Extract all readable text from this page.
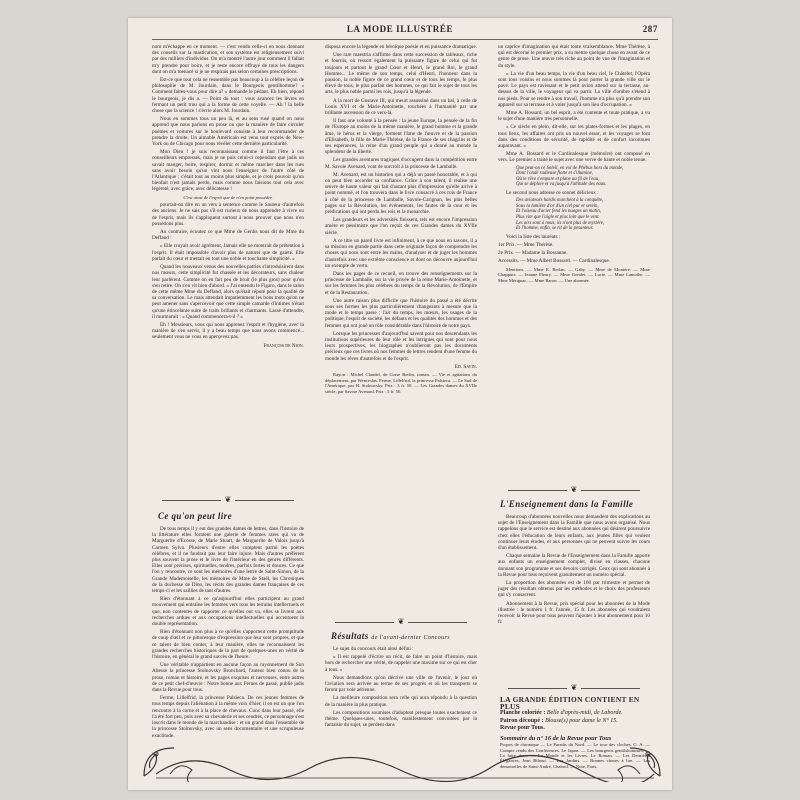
LA MODE ILLUSTRÉE	287

nom m'échappe en ce moment. — c'est vendu celle-ci en nous donnant des conseils sur la mastication, et son système est religieusement suivi par des milliers d'individus. On m'a montré l'autre jour comment il fallait m'y prendre pour boire, et je reste encore effrayé de tous les dangers dont on m'a menacé si je ne respirais pas selon certaines prescriptions.

Est-ce que tout cela ne ressemble pas beaucoup à la célèbre leçon de philosophie de M. Jourdain, dans le Bourgeois gentilhomme? « Comment faites-vous pour dire a? » demande le pédant. Eh bien, répond le bourgeois, je dis a. — Point du tout : vous avancez les lèvres en fermant un petit trou qui a la forme de cette voyelle. — Ah ! la belle chose que la science ! s'écrie alors M. Jourdain.

Nous en sommes tous un peu là, et au sens rusé quand on nous apprend que nous parlons en prose ou que la manière de faire circuler poèmes et voitures sur le boulevard consiste à leur recommander de prendre la droite. Un aimable Américain est venu tout exprès de New-York ou de Chicago pour nous révéler cette dernière particularité.

Mon Dieu ! je suis reconnaissant comme il faut l'être à ces conseilleurs empressés, mais je ne puis celui-ci cependant que jadis on savait manger, boire, respirer, dormir et même marcher dans les rues sans avoir besoin qu'un vint nous l'enseigner de l'autre côté de l'Atlantique ; c'était tout au moins plus simple, et je crois pouvoir qu'un bienfait n'est jamais perdu, mais comme nous faisions tout cela avec légèreté, avec grâce, avec délicatesse !

C'est ainsi de l'esprit que de n'en point posséder.

pourrait-on dire en un vers à sentence comme le Sauteur d'autrefois des anciens. Je ne sais pas s'il est curieux de nous apprendre à vivre ou de l'esprit, mais ils s'appliquent surtout à nous prouver que nous n'en possédons plus.

Au contraire, écoutez ce que Mme de Genlis nous dit de Mme du Deffand :

« Elle croyait avoir agrément, Jamais elle ne montrait de prétention à l'esprit. Il était impossible d'avoir plus de naturel que de gaieté. Elle parlait du cœur et mettait en tout une noble et touchante simplicité. »

Quand les nouveaux venus des nouvelles patries s'introduisirent dans nos mœurs, cette simplicité fut chassée et les décorateurs, sans chaleur leur parlèrent. Comme on en fait peu de bruit (le plus gros) pour qu'on s'en retire. On s'en vit bien d'abord. « J'ai entendu le Figaro, dans le salon de cette même Mme du Deffand, alors qu'était réputé pour la qualité de sa conversation. Le mais attendait impatiemment les bons mots qu'on ne peut amener sans s'apercevoir que cette simple camarde d'intimes n'était qu'une étincelante suite de traits brillants et charmants. Lassé d'attendre, il murmurait : « Quand commencera-t-il ? »

Eh ! Messieurs, vous qui nous apprenez l'esprit et l'hygiène, avec la manière de s'en servir, il y a beau temps que nous avons commencé... seulement vous ne vous en aperçevez pas.

François de Nion.

❦
Ce qu'on peut lire

De tous temps il y eut des grandes dames de lettres, dans l'histoire de la littérature elles forment une galerie de femmes rares qui va de Marguerite d'Ecosse, de Marie Stuart, de Marguerite de Valois jusqu'à Carmen Sylva. Plusieurs d'entre elles comptent parmi les poètes célèbres, et il ne faudrait pas leur faire injure. Mais d'autres préfèrent plus souvent la prose et le livre de l'intérieur en des genres différents. Elles sont précises, spirituelles, tendres, parfois fortes et douces. Ce que l'on y rencontre, ce sont les mémoires d'une lettre de Saint-Simon, de la Grande Mademoiselle, les mémoires de Mme de Staël, les Chroniques de la duchesse de Dino, les récits des grandes dames françaises de ces temps-ci et les saillies de tant d'autres.

Rien d'étonnant à ce qu'aujourd'hui elles participent au grand mouvement qui entraîne les femmes vers tous les terrains intellectuels et que, non contentes de rapporter ce qu'elles ont vu, elles se livrent aux recherches ardues et aux occupations intellectuelles qui accentuent la double représentation.

Rien d'étonnant non plus à ce qu'elles s'apportent cette promptitude de coup d'œil et ce pittoresque d'expression que leur sont propres, et que ce talent de bien conter, à leur manière, elles ne reconnaissent les grandes recherches historiques de la part de quelques-unes en vérité de l'histoire, en général le grand succès de l'heure.

Une véritable n'appartient en aucune façon au rayonnement de Son Altesse la princesse Stolnovsky Bronchard, l'auteur bien connu de la prose, roman et histoire, et les pages exquises et nerveuses, entre autres de ce petit chef-d'œuvre : Notre bonne aux Fernes de passé, publié jadis dans la Revue pour tous.

Ferme, Lillelfrid, la princesse Palsieca. De ces jeunes femmes de tous temps depuis l'aliénation à la même voix d'hier, il en est un que l'on rencontre à la corne et à la place de chevaux. Conc dans leur passé, elle l'a été fort peu, puis avec sa chevalerie et ses cendres, ce personnage s'est inscrit dans le monde de la marchandise : et un grand dans l'ensemble de la princesse Stolnovsky, avec un sens documentaire et une scrupuleuse exactitude.

disposa encore la légende en héroïque poésie et en puissance dramatique.

Une rare maestria s'affirme dans cette succession de tableaux, riche et fournis, où ressort également la puissante figure de celui qui fut toujours et partout le grand Cœur et Henri, le grand Roi, le grand Homme... Le même de son temps, celui d'Henri, l'honneur dans la passion, la noble figure de ce grand cœur et de tous les temps, le plus élevé de tous, le plus parfait des hommes, ce qui fait le sujet de tous les arts, le plus noble parmi les rois, jusqu'à la légende.

A la mort de Gustave III, qui meurt assassiné dans un bal, à celle de Louis XVI et de Marie-Antoinette, touchées à l'humanité par une brillante ascension de ce vers-là.

Il faut une volonté à la pensée : la jeune Europe, la pensée de la fin de l'Europe au moins de la même manière, le grand homme et la grande âme, le héros et la vierge, forment l'âme de l'œuvre et de la passion d'Elisabeth, la fille de Marie-Thérèse, de la France de ses chagrins et de ses espérances, la reine d'un grand peuple qui a donné au monde la splendeur de la liberté.

Les grandes aventures tragiques d'occupent dans la compétition entre M. Savoie Avenard, vont de surcroît à la princesse de Lamballe.

M. Avenard, est un historien qui a déjà un passé honorable, et à qui on peut bien accorder sa confiance. Grâce à son talent, il réalise une œuvre de haute valeur qui fait d'autant plus d'impression qu'elle arrive à point nommé, et l'on trouvera dans le livre consacré à ces rois de France à côté de la princesse de Lamballe, Savoie-Carignan, les plus belles pages sur la Révolution, les événements, les fautes de la cour et les prédications qui ont perdu les rois et la monarchie.

Les grandeurs et les adversités finissent, tels est encore l'impression amère et pessimiste que l'on reçoit de ces Grandes dames du XVIIe siècle.

A ce titre un pareil livre est infiniment, à ce que nous en savons, il a sa mission en grande partie dans cette originale façon de comprendre les choses qui nous sont entre les mains, d'analyser et de juger les hommes d'autrefois avec une extrême conscience et dont on découvre aujourd'hui un exemple de vertu.

Dans les pages de ce recueil, on trouve des renseignements sur la princesse de Lamballe, sur la vie privée de la reine Marie-Antoinette, et sur les femmes les plus célèbres du temps de la Révolution, de l'Empire et de la Restauration.

Une autre raison plus difficile que l'histoire du passé a été décrite sous ses formes les plus particulièrement changeants à mesure que la mode et le temps passe ; l'air du temps, les mœurs, les usages de la politique, l'esprit de société, les défauts et les qualités des hommes et des femmes qui ont joué un rôle considérable dans l'histoire de notre pays.

Lorsque les princesses d'aujourd'hui savent pour nos descendants les institutions supérieures de leur rôle et les intrigues qui sont pour nous leurs prospectives, les biographes n'oublieront pas les documents précieux que ces livres où nos femmes de lettres rendent d'une femme du monde les rêves d'autrefois et de l'esprit.

Ed. Savin.

Rayon : Michel Claudel, de Corse Berlin, roman. — Vie et agitations du déplacement, par Wenceslas. Ferme, Lillelfrid, la princesse Palsieca. — Le Sud de l'Amérique, par H. Stolnovsky. Prix : 3 fr. 50. — Les Grandes dames du XVIIe siècle, par Savoie Avenard. Prix : 3 fr. 50.

❦
Résultats de l'avant-dernier Concours

Le sujet du concours était ainsi défini :

« Il est rappelé d'écrire un récit, de faire un point d'histoire, mais hors de rechercher une vérité, de rappeler une maxime sur ce qui est cher à tous. »

Nous demandions qu'on décrive une ville de l'avenir, le jour où l'aviation sera arrivée au terme de ses progrès et où les transports se feront par voie aérienne.

La meilleure composition sera celle qui aura répondu à la question de la manière la plus pratique.

Les compositions soumises d'adoptent presque toutes exactement ce thème. Quelques-unes, toutefois, manifestement convoitées par la fantaisie du sujet, se perdent dans

un caprice d'imagination qui était toute vraisemblance. Mme Thérèse, à qui est décerné le premier prix, a su mettre quelque chose en avant de ce genre de prose. Une œuvre très riche au point de vue de l'imagination et du style.

« La vie d'un beau temps, la vie d'un beau ciel, le Châtelet, l'Opéra sont tous voisins et nous sommes là pour porter la grande ville sur le pavé. Le pays est ravissant et le petit avion attend sur la terrasse, au-dessus de la ville, le voyageur qui va partir. La ville d'ombre s'étend à nos pieds. Pour se rendre à son travail, l'homme n'a plus qu'à prendre son appareil sur sa terrasse et à voler jusqu'à son lieu d'occupation. »

Mme A. Bossard, un bel esprit, a été contente et toute pratique, a vu le sujet d'une manière très personnelle.

« Ce siècle en plein, dit-elle, sur les plates-formes et les plages, en tous lieux, les affaires ont pris un nouvel essor, et les voyages se font dans des conditions de sécurité, de rapidité et de confort inconnues auparavant. »

Mme A. Bossard et le Cardinalesque (mémoire) ont composé en vers. Le premier a traité le sujet avec une verve de haute et noble tenue.

Que peut-on ce Soleil, en vol de Phébus hors du monde,
Dont l'onde radieuse flotte et s'illumine,
Où le rêve s'empare et plane au fil de l'eau,
Qui se déploie et va jusqu'à l'altitude des eaux.

Le second nous adresse ce sonnet délicieux :

Des aviateurs hardis marchent à la conquête,
Sous la lumière d'or d'un ciel pur et serein,
Et l'oiseau d'acier fend les nuages un matin,
Plus vite que l'aigle et plus loin que le vent.
Les airs sont à nous, ils n'ont plus de mystère,
Et l'homme, enfin, se rit de la pesanteur.

Voici la liste des lauréats :

1er Prix. — Mme Thérèse.

2e Prix. — Madame la Bossanne.

Accessits. — Mme Albert Bossard. — Cardinalesque.

Mentions. — Mme E. Berlan. — Gaby. — Mme de Monière. — Mme Chappuis. — Jeanne Fleury. — Mme Gondet. — Lucie. — Mme Lamothe. — Mme Mérignac. — Mme Baron. — Une abonnée.

❦
L'Enseignement dans la Famille

Beaucoup d'abonnées nouvelles nous demandent des explications au sujet de l'Enseignement dans la Famille que nous avons organisé. Nous rappelons que le service est destiné aux abonnées qui désirent poursuivre chez elles l'éducation de leurs enfants, aux jeunes filles qui veulent continuer leurs études, et aux personnes qui ne peuvent suivre les cours d'un établissement.

Chaque semaine la Revue de l'Enseignement dans la Famille apporte aux enfants un enseignement complet, divisé en classes, chacune donnant son programme et ses devoirs corrigés. Ceux qui sont abonnés à la Revue pour tous reçoivent gratuitement un numéro spécial.

La proportion des abonnées est de 160 par trimestre et permet de juger des résultats obtenus par les méthodes et le choix des professeurs qui s'y consacrent.

Abonnement à la Revue, prix spécial pour les abonnées de la Mode illustrée : le numéro 1 fr. l'année, 15 fr. Les abonnées qui voudraient recevoir la Revue pour tous peuvent l'ajouter à leur abonnement pour 10 fr.

❦
LA GRANDE ÉDITION CONTIENT EN PLUS
Planche coloriée : Belle d'après-midi, de Laborde.
Patron découpé : Blouse(s) pour dame le N° 15.
Revue pour Tous.
Sommaire du n° 16 de la Revue pour Tous
Propos de chronique — Le Paradis du Nord. — Le tour des cloches. G. A. — Compte rendu des Conférences. Le Japon. — Les bourgeois gentilshommes. — La lutte des... — Le Monde et les Livres, Le Roman. — Les Dernières Élégances, Jean Bibout. — Les Jardins. — Bonnes choses à lire. — Les demoiselles de Saint-André, Chabrol. — Note, Paris.
